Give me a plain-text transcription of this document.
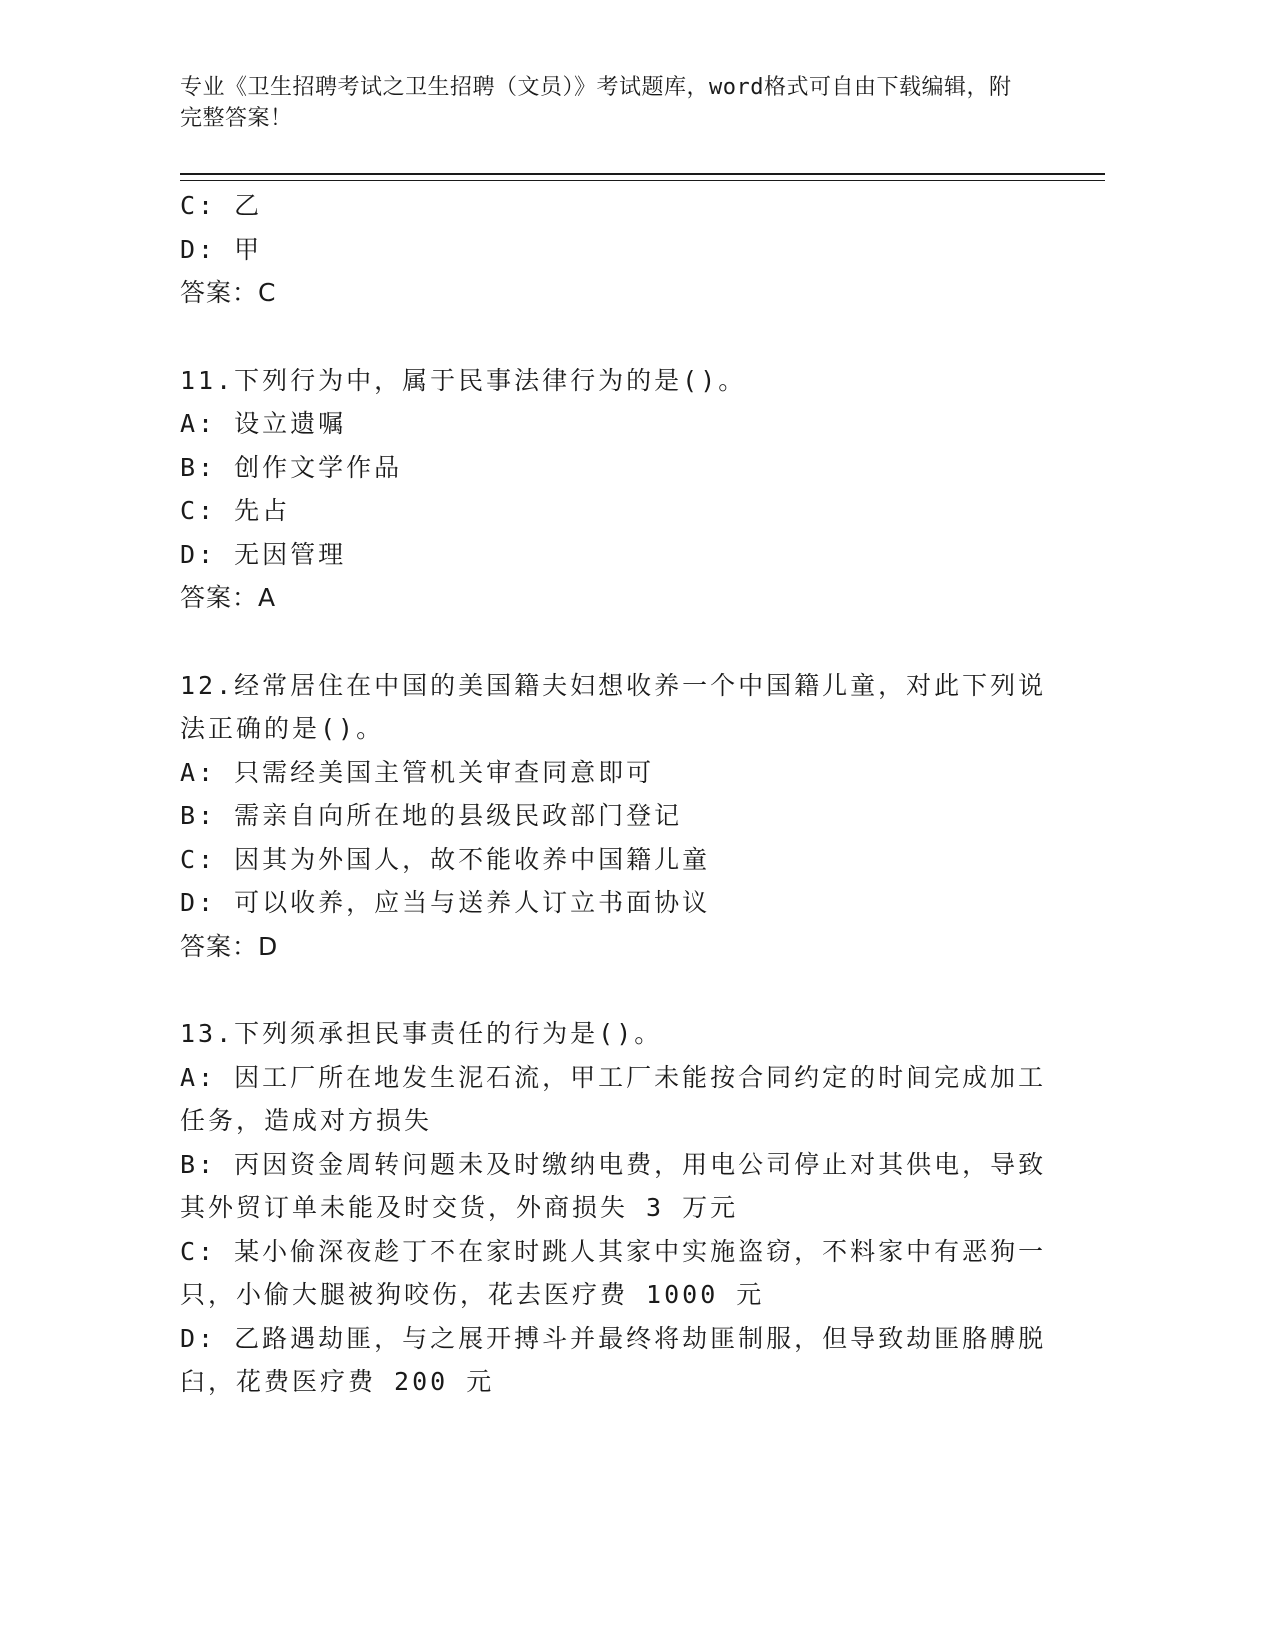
专业《卫生招聘考试之卫生招聘（文员）》考试题库，word格式可自由下载编辑，附完整答案！
C: 乙
D: 甲
答案：C
11.下列行为中，属于民事法律行为的是()。
A: 设立遗嘱
B: 创作文学作品
C: 先占
D: 无因管理
答案：A
12.经常居住在中国的美国籍夫妇想收养一个中国籍儿童，对此下列说
法正确的是()。
A: 只需经美国主管机关审查同意即可
B: 需亲自向所在地的县级民政部门登记
C: 因其为外国人，故不能收养中国籍儿童
D: 可以收养，应当与送养人订立书面协议
答案：D
13.下列须承担民事责任的行为是()。
A: 因工厂所在地发生泥石流，甲工厂未能按合同约定的时间完成加工
任务，造成对方损失
B: 丙因资金周转问题未及时缴纳电费，用电公司停止对其供电，导致
其外贸订单未能及时交货，外商损失 3 万元
C: 某小偷深夜趁丁不在家时跳人其家中实施盗窃，不料家中有恶狗一
只，小偷大腿被狗咬伤，花去医疗费 1000 元
D: 乙路遇劫匪，与之展开搏斗并最终将劫匪制服，但导致劫匪胳膊脱
臼，花费医疗费 200 元
